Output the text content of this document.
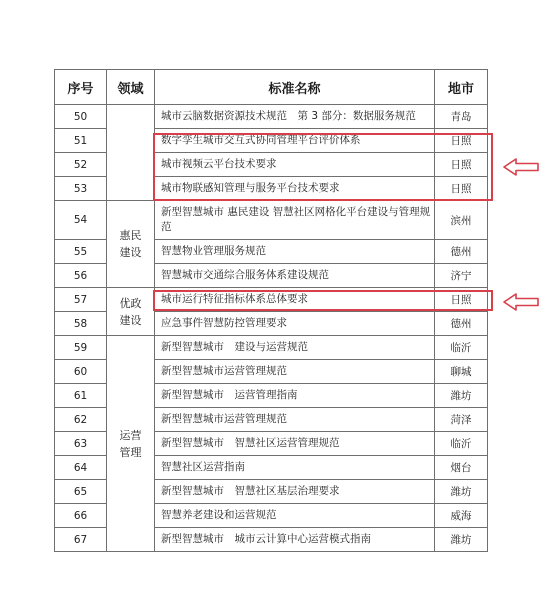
序号	领域	标准名称	地市
50		城市云脑数据资源技术规范　第 3 部分：数据服务规范	青岛
51		数字孪生城市交互式协同管理平台评价体系	日照
52		城市视频云平台技术要求	日照
53		城市物联感知管理与服务平台技术要求	日照
54	惠民建设	新型智慧城市 惠民建设 智慧社区网格化平台建设与管理规范	滨州
55		智慧物业管理服务规范	德州
56		智慧城市交通综合服务体系建设规范	济宁
57	优政建设	城市运行特征指标体系总体要求	日照
58		应急事件智慧防控管理要求	德州
59	运营管理	新型智慧城市　建设与运营规范	临沂
60		新型智慧城市运营管理规范	聊城
61		新型智慧城市　运营管理指南	潍坊
62		新型智慧城市运营管理规范	菏泽
63		新型智慧城市　智慧社区运营管理规范	临沂
64		智慧社区运营指南	烟台
65		新型智慧城市　智慧社区基层治理要求	潍坊
66		智慧养老建设和运营规范	威海
67		新型智慧城市　城市云计算中心运营模式指南	潍坊
